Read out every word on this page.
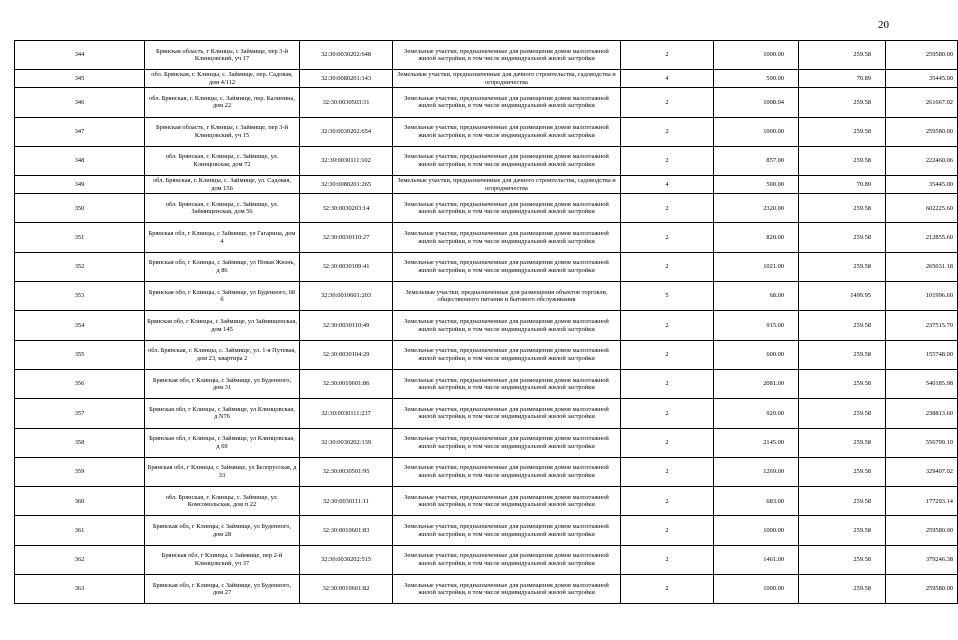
20
344	Брянская область, г Клинцы, с Займище, пер 3-й Клинцовский, уч 17	32:30:0030202:648	Земельные участки, предназначенные для размещения домов малоэтажной жилой застройки, в том числе индивидуальной жилой застройки	2	1000.00	259.58	259580.00
345	обл. Брянская, г. Клинцы, с. Займище, пер. Садовая, дом 4/112	32:30:0080201:143	Земельные участки, предназначенные для дачного строительства, садоводства и огородничества	4	500.00	70.89	35445.00
346	обл. Брянская, г. Клинцы, с. Займище, пер. Калинина, дом 22	32:30:0030503:31	Земельные участки, предназначенные для размещения домов малоэтажной жилой застройки, в том числе индивидуальной жилой застройки	2	1008.04	259.58	261667.02
347	Брянская область, г Клинцы, с Займище, пер 3-й Клинцовский, уч 15	32:30:0030202:654	Земельные участки, предназначенные для размещения домов малоэтажной жилой застройки, в том числе индивидуальной жилой застройки	2	1000.00	259.58	259580.00
348	обл. Брянская, г. Клинцы, с. Займище, ул. Клинцовская, дом 72	32:30:0030111:102	Земельные участки, предназначенные для размещения домов малоэтажной жилой застройки, в том числе индивидуальной жилой застройки	2	857.00	259.58	222460.06
349	обл. Брянская, г. Клинцы, с. Займище, ул. Садовая, дом 156	32:30:0080201:265	Земельные участки, предназначенные для дачного строительства, садоводства и огородничества	4	500.00	70.89	35445.00
350	обл. Брянская, г. Клинцы, с. Займище, ул. Займищенская, дом 56	32:30:0030203:14	Земельные участки, предназначенные для размещения домов малоэтажной жилой застройки, в том числе индивидуальной жилой застройки	2	2320.00	259.58	602225.60
351	Брянская обл, г Клинцы, с Займище, ул Гагарина, дом 4	32:30:0030110:27	Земельные участки, предназначенные для размещения домов малоэтажной жилой застройки, в том числе индивидуальной жилой застройки	2	820.00	259.58	212855.60
352	Брянская обл, г Клинцы, с Займище, ул Новая Жизнь, д 86	32:30:0030109:41	Земельные участки, предназначенные для размещения домов малоэтажной жилой застройки, в том числе индивидуальной жилой застройки	2	1021.00	259.58	265031.18
353	Брянская обл, г Клинцы, с Займище, ул Буденного, 68 б	32:30:0010601:203	Земельные участки, предназначенные для размещения объектов торговли, общественного питания и бытового обслуживания	5	68.00	1499.95	101996.60
354	Брянская обл, г Клинцы, с Займище, ул Займищенская, дом 145	32:30:0030110:49	Земельные участки, предназначенные для размещения домов малоэтажной жилой застройки, в том числе индивидуальной жилой застройки	2	915.00	259.58	237515.70
355	обл. Брянская, г. Клинцы, с. Займище, ул. 1-я Путевая, дом 23, квартира 2	32:30:0030104:29	Земельные участки, предназначенные для размещения домов малоэтажной жилой застройки, в том числе индивидуальной жилой застройки	2	600.00	259.58	155748.00
356	Брянская обл, г Клинцы, с Займище, ул Буденного, дом 31	32:30:0010601:86	Земельные участки, предназначенные для размещения домов малоэтажной жилой застройки, в том числе индивидуальной жилой застройки	2	2081.00	259.58	540185.98
357	Брянская обл, г Клинцы, с Займище, ул Клинцовская, д N76	32:30:0030111:237	Земельные участки, предназначенные для размещения домов малоэтажной жилой застройки, в том числе индивидуальной жилой застройки	2	920.00	259.58	238813.60
358	Брянская обл, г Клинцы, с Займище, ул Клинцовская, д 69	32:30:0030202:139	Земельные участки, предназначенные для размещения домов малоэтажной жилой застройки, в том числе индивидуальной жилой застройки	2	2145.00	259.58	556799.10
359	Брянская обл, г Клинцы, с Займище, ул Белорусская, д 33	32:30:0030501:95	Земельные участки, предназначенные для размещения домов малоэтажной жилой застройки, в том числе индивидуальной жилой застройки	2	1269.00	259.58	329407.02
360	обл. Брянская, г. Клинцы, с. Займище, ул. Комсомольская, дом п 22	32:30:0030111:11	Земельные участки, предназначенные для размещения домов малоэтажной жилой застройки, в том числе индивидуальной жилой застройки	2	683.00	259.58	177293.14
361	Брянская обл, г Клинцы, с Займище, ул Буденного, дом 28	32:30:0010601:83	Земельные участки, предназначенные для размещения домов малоэтажной жилой застройки, в том числе индивидуальной жилой застройки	2	1000.00	259.58	259580.00
362	Брянская обл, г Клинцы, с Займище, пер 2-й Клинцовский, уч 37	32:30:0030202:515	Земельные участки, предназначенные для размещения домов малоэтажной жилой застройки, в том числе индивидуальной жилой застройки	2	1461.00	259.58	379246.38
363	Брянская обл, г Клинцы, с Займище, ул Буденного, дом 27	32:30:0010601:82	Земельные участки, предназначенные для размещения домов малоэтажной жилой застройки, в том числе индивидуальной жилой застройки	2	1000.00	259.58	259580.00
